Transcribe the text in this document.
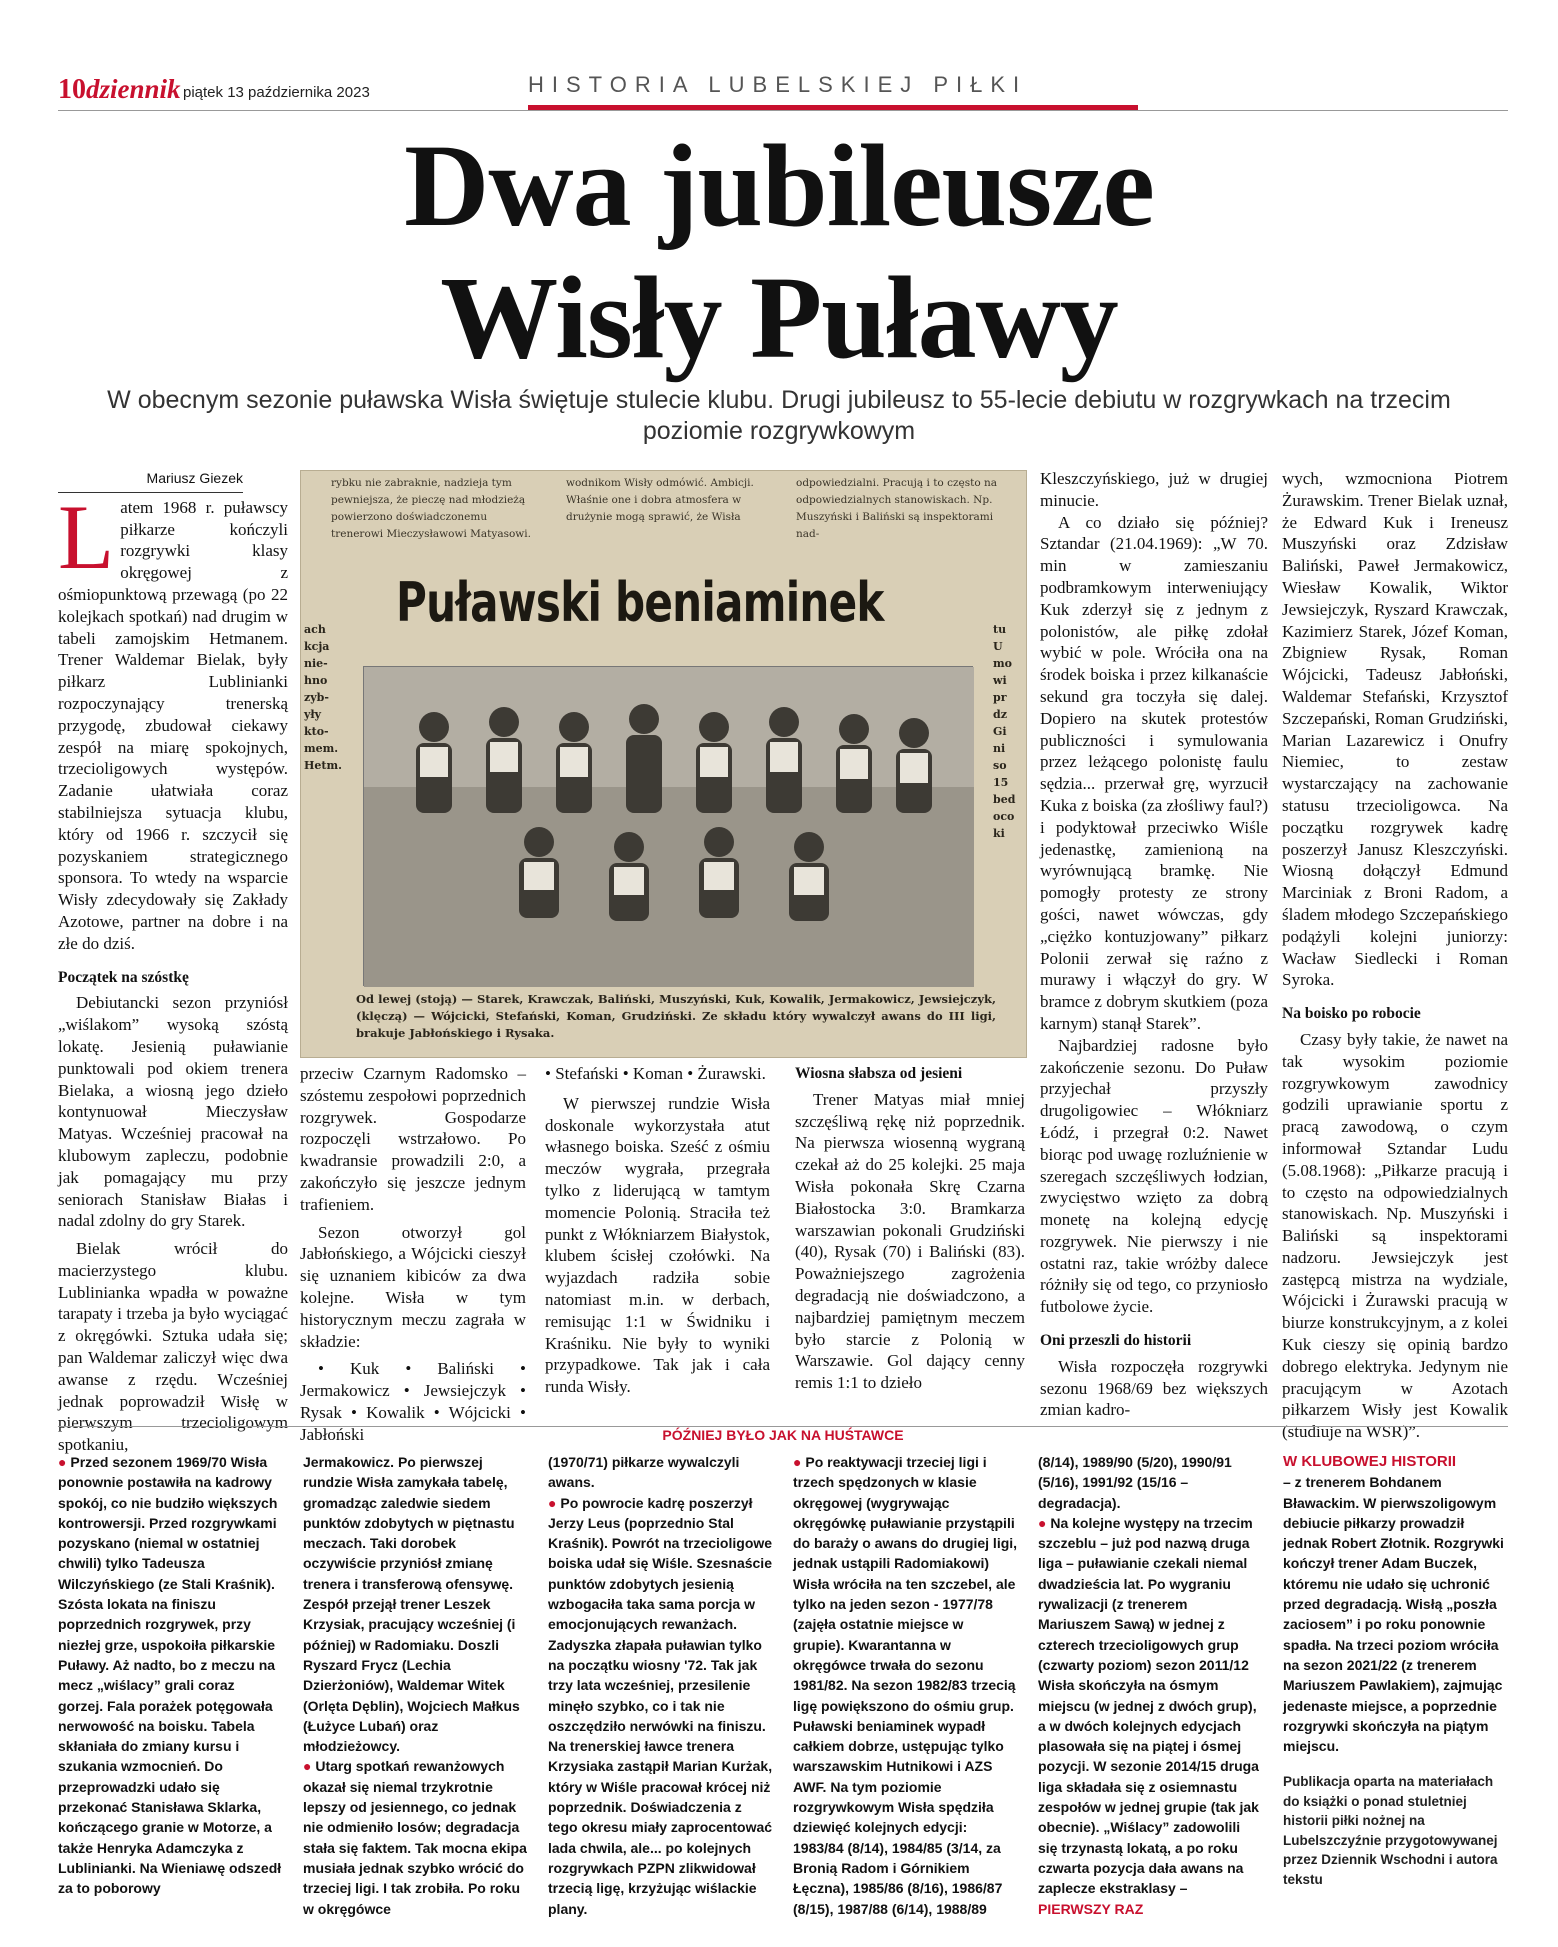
10 dziennik piątek 13 października 2023	HISTORIA LUBELSKIEJ PIŁKI
Dwa jubileusze
Wisły Puławy
W obecnym sezonie puławska Wisła świętuje stulecie klubu. Drugi jubileusz to 55-lecie debiutu w rozgrywkach na trzecim poziomie rozgrywkowym
Mariusz Giezek
L atem 1968 r. puławscy piłkarze kończyli rozgrywki klasy okręgowej z ośmiopunktową przewagą (po 22 kolejkach spotkań) nad drugim w tabeli zamojskim Hetmanem. Trener Waldemar Bielak, były piłkarz Lublinianki rozpoczynający trenerską przygodę, zbudował ciekawy zespół na miarę spokojnych, trzecioligowych występów. Zadanie ułatwiała coraz stabilniejsza sytuacja klubu, który od 1966 r. szczycił się pozyskaniem strategicznego sponsora. To wtedy na wsparcie Wisły zdecydowały się Zakłady Azotowe, partner na dobre i na złe do dziś.

Początek na szóstkę

Debiutancki sezon przyniósł „wiślakom” wysoką szóstą lokatę. Jesienią puławianie punktowali pod okiem trenera Bielaka, a wiosną jego dzieło kontynuował Mieczysław Matyas. Wcześniej pracował na klubowym zapleczu, podobnie jak pomagający mu przy seniorach Stanisław Białas i nadal zdolny do gry Starek.

Bielak wrócił do macierzystego klubu. Lublinianka wpadła w poważne tarapaty i trzeba ja było wyciągać z okręgówki. Sztuka udała się; pan Waldemar zaliczył więc dwa awanse z rzędu. Wcześniej jednak poprowadził Wisłę w pierwszym trzecioligowym spotkaniu,

rybku nie zabraknie, nadzieja tym pewniejsza, że pieczę nad młodzieżą powierzono doświadczonemu trenerowi Mieczysławowi Matyasowi.
wodnikom Wisły odmówić. Ambicji. Właśnie one i dobra atmosfera w drużynie mogą sprawić, że Wisła
odpowiedzialni. Pracują i to często na odpowiedzialnych stanowiskach. Np. Muszyński i Baliński są inspektorami nad-
Puławski beniaminek
ach
kcja
nie-
hno
zyb-
yły
kto-
mem.
Hetm.
tu
U
mo
wi
pr
dz
Gi
ni
so
15
bed
oco
ki
Od lewej (stoją) — Starek, Krawczak, Baliński, Muszyński, Kuk, Kowalik, Jermakowicz, Jewsiejczyk, (klęczą) — Wójcicki, Stefański, Koman, Grudziński. Ze składu który wywalczył awans do III ligi, brakuje Jabłońskiego i Rysaka.

przeciw Czarnym Radomsko – szóstemu zespołowi poprzednich rozgrywek. Gospodarze rozpoczęli wstrzałowo. Po kwadransie prowadzili 2:0, a zakończyło się jeszcze jednym trafieniem.

Sezon otworzył gol Jabłońskiego, a Wójcicki cieszył się uznaniem kibiców za dwa kolejne. Wisła w tym historycznym meczu zagrała w składzie:

• Kuk • Baliński • Jermakowicz • Jewsiejczyk • Rysak • Kowalik • Wójcicki • Jabłoński

• Stefański • Koman • Żurawski.

W pierwszej rundzie Wisła doskonale wykorzystała atut własnego boiska. Sześć z ośmiu meczów wygrała, przegrała tylko z liderującą w tamtym momencie Polonią. Straciła też punkt z Włókniarzem Białystok, klubem ścisłej czołówki. Na wyjazdach radziła sobie natomiast m.in. w derbach, remisując 1:1 w Świdniku i Kraśniku. Nie były to wyniki przypadkowe. Tak jak i cała runda Wisły.

Wiosna słabsza od jesieni

Trener Matyas miał mniej szczęśliwą rękę niż poprzednik. Na pierwsza wiosenną wygraną czekał aż do 25 kolejki. 25 maja Wisła pokonała Skrę Czarna Białostocka 3:0. Bramkarza warszawian pokonali Grudziński (40), Rysak (70) i Baliński (83). Poważniejszego zagrożenia degradacją nie doświadczono, a najbardziej pamiętnym meczem było starcie z Polonią w Warszawie. Gol dający cenny remis 1:1 to dzieło

Kleszczyńskiego, już w drugiej minucie.

A co działo się później? Sztandar (21.04.1969): „W 70. min w zamieszaniu podbramkowym interweniujący Kuk zderzył się z jednym z polonistów, ale piłkę zdołał wybić w pole. Wróciła ona na środek boiska i przez kilkanaście sekund gra toczyła się dalej. Dopiero na skutek protestów publiczności i symulowania przez leżącego polonistę faulu sędzia... przerwał grę, wyrzucił Kuka z boiska (za złośliwy faul?) i podyktował przeciwko Wiśle jedenastkę, zamienioną na wyrównującą bramkę. Nie pomogły protesty ze strony gości, nawet wówczas, gdy „ciężko kontuzjowany” piłkarz Polonii zerwał się raźno z murawy i włączył do gry. W bramce z dobrym skutkiem (poza karnym) stanął Starek”.

Najbardziej radosne było zakończenie sezonu. Do Puław przyjechał przyszły drugoligowiec – Włókniarz Łódź, i przegrał 0:2. Nawet biorąc pod uwagę rozluźnienie w szeregach szczęśliwych łodzian, zwycięstwo wzięto za dobrą monetę na kolejną edycję rozgrywek. Nie pierwszy i nie ostatni raz, takie wróżby dalece różniły się od tego, co przyniosło futbolowe życie.

Oni przeszli do historii

Wisła rozpoczęła rozgrywki sezonu 1968/69 bez większych zmian kadro-

wych, wzmocniona Piotrem Żurawskim. Trener Bielak uznał, że Edward Kuk i Ireneusz Muszyński oraz Zdzisław Baliński, Paweł Jermakowicz, Wiesław Kowalik, Wiktor Jewsiejczyk, Ryszard Krawczak, Kazimierz Starek, Józef Koman, Zbigniew Rysak, Roman Wójcicki, Tadeusz Jabłoński, Waldemar Stefański, Krzysztof Szczepański, Roman Grudziński, Marian Lazarewicz i Onufry Niemiec, to zestaw wystarczający na zachowanie statusu trzecioligowca. Na początku rozgrywek kadrę poszerzył Janusz Kleszczyński. Wiosną dołączył Edmund Marciniak z Broni Radom, a śladem młodego Szczepańskiego podążyli kolejni juniorzy: Wacław Siedlecki i Roman Syroka.

Na boisko po robocie

Czasy były takie, że nawet na tak wysokim poziomie rozgrywkowym zawodnicy godzili uprawianie sportu z pracą zawodową, o czym informował Sztandar Ludu (5.08.1968): „Piłkarze pracują i to często na odpowiedzialnych stanowiskach. Np. Muszyński i Baliński są inspektorami nadzoru. Jewsiejczyk jest zastępcą mistrza na wydziale, Wójcicki i Żurawski pracują w biurze konstrukcyjnym, a z kolei Kuk cieszy się opinią bardzo dobrego elektryka. Jedynym nie pracującym w Azotach piłkarzem Wisły jest Kowalik (studiuje na WSR)”.

PÓŹNIEJ BYŁO JAK NA HUŚTAWCE
● Przed sezonem 1969/70 Wisła ponownie postawiła na kadrowy spokój, co nie budziło większych kontrowersji. Przed rozgrywkami pozyskano (niemal w ostatniej chwili) tylko Tadeusza Wilczyńskiego (ze Stali Kraśnik). Szósta lokata na finiszu poprzednich rozgrywek, przy niezłej grze, uspokoiła piłkarskie Puławy. Aż nadto, bo z meczu na mecz „wiślacy” grali coraz gorzej. Fala porażek potęgowała nerwowość na boisku. Tabela skłaniała do zmiany kursu i szukania wzmocnień. Do przeprowadzki udało się przekonać Stanisława Sklarka, kończącego granie w Motorze, a także Henryka Adamczyka z Lublinianki. Na Wieniawę odszedł za to poborowy
Jermakowicz. Po pierwszej rundzie Wisła zamykała tabelę, gromadząc zaledwie siedem punktów zdobytych w piętnastu meczach. Taki dorobek oczywiście przyniósł zmianę trenera i transferową ofensywę. Zespół przejął trener Leszek Krzysiak, pracujący wcześniej (i później) w Radomiaku. Doszli Ryszard Frycz (Lechia Dzierżoniów), Waldemar Witek (Orlęta Dęblin), Wojciech Małkus (Łużyce Lubań) oraz młodzieżowcy.
● Utarg spotkań rewanżowych okazał się niemal trzykrotnie lepszy od jesiennego, co jednak nie odmieniło losów; degradacja stała się faktem. Tak mocna ekipa musiała jednak szybko wrócić do trzeciej ligi. I tak zrobiła. Po roku w okręgówce
(1970/71) piłkarze wywalczyli awans.
● Po powrocie kadrę poszerzył Jerzy Leus (poprzednio Stal Kraśnik). Powrót na trzecioligowe boiska udał się Wiśle. Szesnaście punktów zdobytych jesienią wzbogaciła taka sama porcja w emocjonujących rewanżach. Zadyszka złapała puławian tylko na początku wiosny '72. Tak jak trzy lata wcześniej, przesilenie minęło szybko, co i tak nie oszczędziło nerwówki na finiszu. Na trenerskiej ławce trenera Krzysiaka zastąpił Marian Kurżak, który w Wiśle pracował krócej niż poprzednik. Doświadczenia z tego okresu miały zaprocentować lada chwila, ale... po kolejnych rozgrywkach PZPN zlikwidował trzecią ligę, krzyżując wiślackie plany.
● Po reaktywacji trzeciej ligi i trzech spędzonych w klasie okręgowej (wygrywając okręgówkę puławianie przystąpili do baraży o awans do drugiej ligi, jednak ustąpili Radomiakowi) Wisła wróciła na ten szczebel, ale tylko na jeden sezon - 1977/78 (zajęła ostatnie miejsce w grupie). Kwarantanna w okręgówce trwała do sezonu 1981/82. Na sezon 1982/83 trzecią ligę powiększono do ośmiu grup. Puławski beniaminek wypadł całkiem dobrze, ustępując tylko warszawskim Hutnikowi i AZS AWF. Na tym poziomie rozgrywkowym Wisła spędziła dziewięć kolejnych edycji: 1983/84 (8/14), 1984/85 (3/14, za Bronią Radom i Górnikiem Łęczna), 1985/86 (8/16), 1986/87 (8/15), 1987/88 (6/14), 1988/89
(8/14), 1989/90 (5/20), 1990/91 (5/16), 1991/92 (15/16 – degradacja).
● Na kolejne występy na trzecim szczeblu – już pod nazwą druga liga – puławianie czekali niemal dwadzieścia lat. Po wygraniu rywalizacji (z trenerem Mariuszem Sawą) w jednej z czterech trzecioligowych grup (czwarty poziom) sezon 2011/12 Wisła skończyła na ósmym miejscu (w jednej z dwóch grup), a w dwóch kolejnych edycjach plasowała się na piątej i ósmej pozycji. W sezonie 2014/15 druga liga składała się z osiemnastu zespołów w jednej grupie (tak jak obecnie). „Wiślacy” zadowolili się trzynastą lokatą, a po roku czwarta pozycja dała awans na zaplecze ekstraklasy – PIERWSZY RAZ
W KLUBOWEJ HISTORII
– z trenerem Bohdanem Bławackim. W pierwszoligowym debiucie piłkarzy prowadził jednak Robert Złotnik. Rozgrywki kończył trener Adam Buczek, któremu nie udało się uchronić przed degradacją. Wisłą „poszła zaciosem” i po roku ponownie spadła. Na trzeci poziom wróciła na sezon 2021/22 (z trenerem Mariuszem Pawlakiem), zajmując jedenaste miejsce, a poprzednie rozgrywki skończyła na piątym miejscu.
Publikacja oparta na materiałach do książki o ponad stuletniej historii piłki nożnej na Lubelszczyźnie przygotowywanej przez Dziennik Wschodni i autora tekstu
